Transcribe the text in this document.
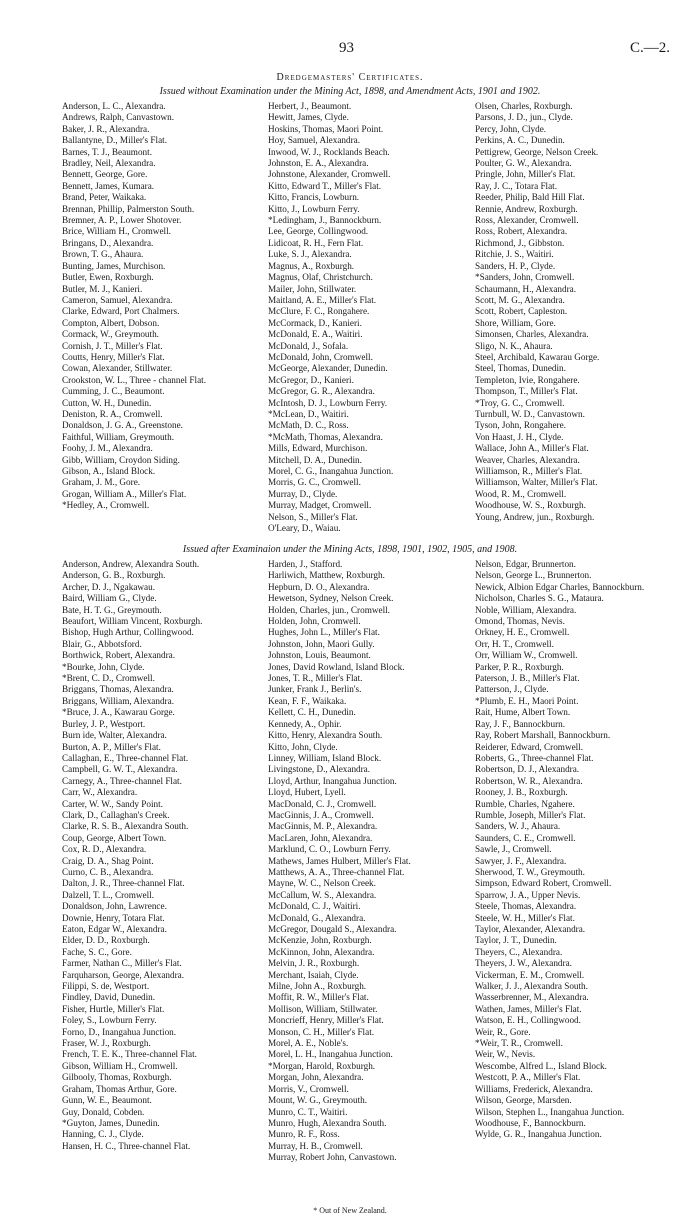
93	C.—2.
Dredgemasters' Certificates.
Issued without Examination under the Mining Act, 1898, and Amendment Acts, 1901 and 1902.
Anderson, L. C., Alexandra.
Andrews, Ralph, Canvastown.
Baker, J. R., Alexandra.
Ballantyne, D., Miller's Flat.
Barnes, T. J., Beaumont.
Bradley, Neil, Alexandra.
Bennett, George, Gore.
Bennett, James, Kumara.
Brand, Peter, Waikaka.
Brennan, Phillip, Palmerston South.
Bremner, A. P., Lower Shotover.
Brice, William H., Cromwell.
Bringans, D., Alexandra.
Brown, T. G., Ahaura.
Bunting, James, Murchison.
Butler, Ewen, Roxburgh.
Butler, M. J., Kanieri.
Cameron, Samuel, Alexandra.
Clarke, Edward, Port Chalmers.
Compton, Albert, Dobson.
Cormack, W., Greymouth.
Cornish, J. T., Miller's Flat.
Coutts, Henry, Miller's Flat.
Cowan, Alexander, Stillwater.
Crookston, W. L., Three - channel Flat.
Cumming, J. C., Beaumont.
Cutton, W. H., Dunedin.
Deniston, R. A., Cromwell.
Donaldson, J. G. A., Greenstone.
Faithful, William, Greymouth.
Foohy, J. M., Alexandra.
Gibb, William, Croydon Siding.
Gibson, A., Island Block.
Graham, J. M., Gore.
Grogan, William A., Miller's Flat.
*Hedley, A., Cromwell.
Herbert, J., Beaumont.
Hewitt, James, Clyde.
Hoskins, Thomas, Maori Point.
Hoy, Samuel, Alexandra.
Inwood, W. J., Rocklands Beach.
Johnston, E. A., Alexandra.
Johnstone, Alexander, Cromwell.
Kitto, Edward T., Miller's Flat.
Kitto, Francis, Lowburn.
Kitto, J., Lowburn Ferry.
*Ledingham, J., Bannockburn.
Lee, George, Collingwood.
Lidicoat, R. H., Fern Flat.
Luke, S. J., Alexandra.
Magnus, A., Roxburgh.
Magnus, Olaf, Christchurch.
Mailer, John, Stillwater.
Maitland, A. E., Miller's Flat.
McClure, F. C., Rongahere.
McCormack, D., Kanieri.
McDonald, E. A., Waitiri.
McDonald, J., Sofala.
McDonald, John, Cromwell.
McGeorge, Alexander, Dunedin.
McGregor, D., Kanieri.
McGregor, G. R., Alexandra.
McIntosh, D. J., Lowburn Ferry.
*McLean, D., Waitiri.
McMath, D. C., Ross.
*McMath, Thomas, Alexandra.
Mills, Edward, Murchison.
Mitchell, D. A., Dunedin.
Morel, C. G., Inangahua Junction.
Morris, G. C., Cromwell.
Murray, D., Clyde.
Murray, Madget, Cromwell.
Nelson, S., Miller's Flat.
O'Leary, D., Waiau.
Olsen, Charles, Roxburgh.
Parsons, J. D., jun., Clyde.
Percy, John, Clyde.
Perkins, A. C., Dunedin.
Pettigrew, George, Nelson Creek.
Poulter, G. W., Alexandra.
Pringle, John, Miller's Flat.
Ray, J. C., Totara Flat.
Reeder, Philip, Bald Hill Flat.
Rennie, Andrew, Roxburgh.
Ross, Alexander, Cromwell.
Ross, Robert, Alexandra.
Richmond, J., Gibbston.
Ritchie, J. S., Waitiri.
Sanders, H. P., Clyde.
*Sanders, John, Cromwell.
Schaumann, H., Alexandra.
Scott, M. G., Alexandra.
Scott, Robert, Capleston.
Shore, William, Gore.
Simonsen, Charles, Alexandra.
Sligo, N. K., Ahaura.
Steel, Archibald, Kawarau Gorge.
Steel, Thomas, Dunedin.
Templeton, Ivie, Rongahere.
Thompson, T., Miller's Flat.
*Troy, G. C., Cromwell.
Turnbull, W. D., Canvastown.
Tyson, John, Rongahere.
Von Haast, J. H., Clyde.
Wallace, John A., Miller's Flat.
Weaver, Charles, Alexandra.
Williamson, R., Miller's Flat.
Williamson, Walter, Miller's Flat.
Wood, R. M., Cromwell.
Woodhouse, W. S., Roxburgh.
Young, Andrew, jun., Roxburgh.
Issued after Examinaion under the Mining Acts, 1898, 1901, 1902, 1905, and 1908.
Anderson, Andrew, Alexandra South.
Anderson, G. B., Roxburgh.
Archer, D. J., Ngakawau.
Baird, William G., Clyde.
Bate, H. T. G., Greymouth.
Beaufort, William Vincent, Roxburgh.
Bishop, Hugh Arthur, Collingwood.
Blair, G., Abbotsford.
Borthwick, Robert, Alexandra.
*Bourke, John, Clyde.
*Brent, C. D., Cromwell.
Briggans, Thomas, Alexandra.
Briggans, William, Alexandra.
*Bruce, J. A., Kawarau Gorge.
Burley, J. P., Westport.
Burn ide, Walter, Alexandra.
Burton, A. P., Miller's Flat.
Callaghan, E., Three-channel Flat.
Campbell, G. W. T., Alexandra.
Carnegy, A., Three-channel Flat.
Carr, W., Alexandra.
Carter, W. W., Sandy Point.
Clark, D., Callaghan's Creek.
Clarke, R. S. B., Alexandra South.
Coup, George, Albert Town.
Cox, R. D., Alexandra.
Craig, D. A., Shag Point.
Curno, C. B., Alexandra.
Dalton, J. R., Three-channel Flat.
Dalzell, T. L., Cromwell.
Donaldson, John, Lawrence.
Downie, Henry, Totara Flat.
Eaton, Edgar W., Alexandra.
Elder, D. D., Roxburgh.
Fache, S. C., Gore.
Farmer, Nathan C., Miller's Flat.
Farquharson, George, Alexandra.
Filippi, S. de, Westport.
Findley, David, Dunedin.
Fisher, Hurtle, Miller's Flat.
Foley, S., Lowburn Ferry.
Forno, D., Inangahua Junction.
Fraser, W. J., Roxburgh.
French, T. E. K., Three-channel Flat.
Gibson, William H., Cromwell.
Gilbooly, Thomas, Roxburgh.
Graham, Thomas Arthur, Gore.
Gunn, W. E., Beaumont.
Guy, Donald, Cobden.
*Guyton, James, Dunedin.
Hanning, C. J., Clyde.
Hansen, H. C., Three-channel Flat.
Harden, J., Stafford.
Harliwich, Matthew, Roxburgh.
Hepburn, D. O., Alexandra.
Hewetson, Sydney, Nelson Creek.
Holden, Charles, jun., Cromwell.
Holden, John, Cromwell.
Hughes, John L., Miller's Flat.
Johnston, John, Maori Gully.
Johnston, Louis, Beaumont.
Jones, David Rowland, Island Block.
Jones, T. R., Miller's Flat.
Junker, Frank J., Berlin's.
Kean, F. F., Waikaka.
Kellett, C. H., Dunedin.
Kennedy, A., Ophir.
Kitto, Henry, Alexandra South.
Kitto, John, Clyde.
Linney, William, Island Block.
Livingstone, D., Alexandra.
Lloyd, Arthur, Inangahua Junction.
Lloyd, Hubert, Lyell.
MacDonald, C. J., Cromwell.
MacGinnis, J. A., Cromwell.
MacGinnis, M. P., Alexandra.
MacLaren, John, Alexandra.
Marklund, C. O., Lowburn Ferry.
Mathews, James Hulbert, Miller's Flat.
Matthews, A. A., Three-channel Flat.
Mayne, W. C., Nelson Creek.
McCallum, W. S., Alexandra.
McDonald, C. J., Waitiri.
McDonald, G., Alexandra.
McGregor, Dougald S., Alexandra.
McKenzie, John, Roxburgh.
McKinnon, John, Alexandra.
Melvin, J. R., Roxburgh.
Merchant, Isaiah, Clyde.
Milne, John A., Roxburgh.
Moffit, R. W., Miller's Flat.
Mollison, William, Stillwater.
Moncrieff, Henry, Miller's Flat.
Monson, C. H., Miller's Flat.
Morel, A. E., Noble's.
Morel, L. H., Inangahua Junction.
*Morgan, Harold, Roxburgh.
Morgan, John, Alexandra.
Morris, V., Cromwell.
Mount, W. G., Greymouth.
Munro, C. T., Waitiri.
Munro, Hugh, Alexandra South.
Munro, R. F., Ross.
Murray, H. B., Cromwell.
Murray, Robert John, Canvastown.
Nelson, Edgar, Brunnerton.
Nelson, George L., Brunnerton.
Newick, Albion Edgar Charles, Bannockburn.
Nicholson, Charles S. G., Mataura.
Noble, William, Alexandra.
Omond, Thomas, Nevis.
Orkney, H. E., Cromwell.
Orr, H. T., Cromwell.
Orr, William W., Cromwell.
Parker, P. R., Roxburgh.
Paterson, J. B., Miller's Flat.
Patterson, J., Clyde.
*Plumb, E. H., Maori Point.
Rait, Hume, Albert Town.
Ray, J. F., Bannockburn.
Ray, Robert Marshall, Bannockburn.
Reiderer, Edward, Cromwell.
Roberts, G., Three-channel Flat.
Robertson, D. J., Alexandra.
Robertson, W. R., Alexandra.
Rooney, J. B., Roxburgh.
Rumble, Charles, Ngahere.
Rumble, Joseph, Miller's Flat.
Sanders, W. J., Ahaura.
Saunders, C. E., Cromwell.
Sawle, J., Cromwell.
Sawyer, J. F., Alexandra.
Sherwood, T. W., Greymouth.
Simpson, Edward Robert, Cromwell.
Sparrow, J. A., Upper Nevis.
Steele, Thomas, Alexandra.
Steele, W. H., Miller's Flat.
Taylor, Alexander, Alexandra.
Taylor, J. T., Dunedin.
Theyers, C., Alexandra.
Theyers, J. W., Alexandra.
Vickerman, E. M., Cromwell.
Walker, J. J., Alexandra South.
Wasserbrenner, M., Alexandra.
Wathen, James, Miller's Flat.
Watson, E. H., Collingwood.
Weir, R., Gore.
*Weir, T. R., Cromwell.
Weir, W., Nevis.
Wescombe, Alfred L., Island Block.
Westcott, P. A., Miller's Flat.
Williams, Frederick, Alexandra.
Wilson, George, Marsden.
Wilson, Stephen L., Inangahua Junction.
Woodhouse, F., Bannockburn.
Wylde, G. R., Inangahua Junction.
* Out of New Zealand.
